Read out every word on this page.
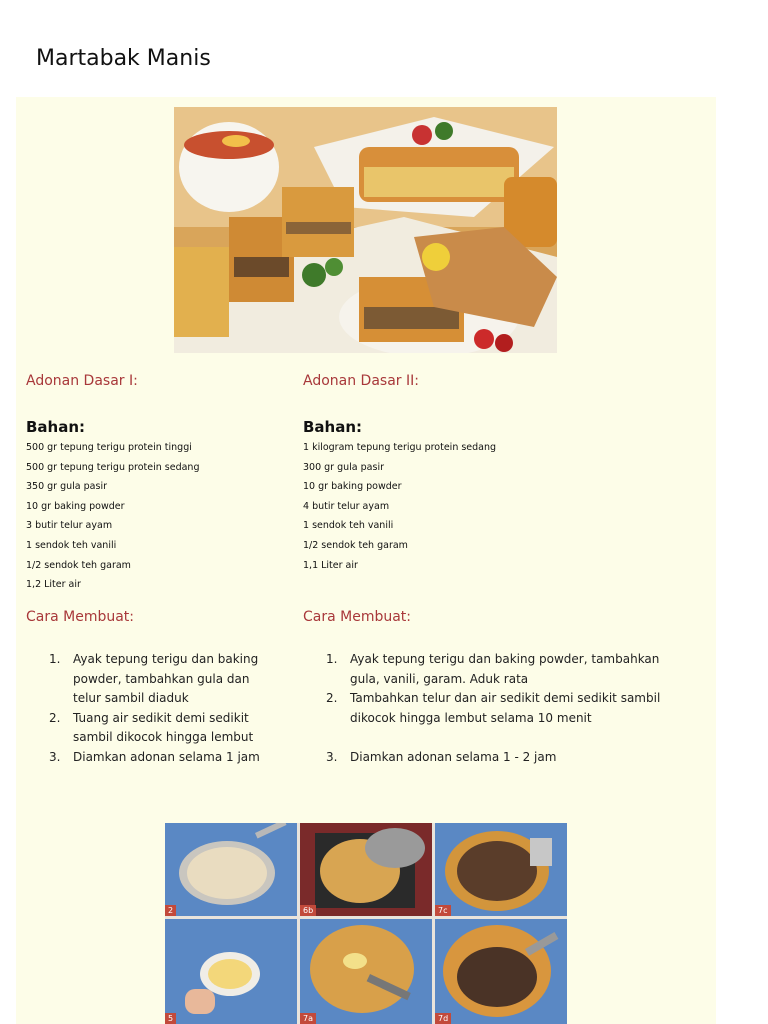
Martabak Manis
Adonan Dasar I:
Bahan:
500 gr tepung terigu protein tinggi
500 gr tepung terigu protein sedang
350 gr gula pasir
10 gr baking powder
3 butir telur ayam
1 sendok teh vanili
1/2 sendok teh garam
1,2 Liter air
Adonan Dasar II:
Bahan:
1 kilogram tepung terigu protein sedang
300 gr gula pasir
10 gr baking powder
4 butir telur ayam
1 sendok teh vanili
1/2 sendok teh garam
1,1 Liter air
Cara Membuat:	Cara Membuat:
1. Ayak tepung terigu dan baking powder, tambahkan gula dan telur sambil diaduk
2. Tuang air sedikit demi sedikit sambil dikocok hingga lembut
3. Diamkan adonan selama 1 jam
1. Ayak tepung terigu dan baking powder, tambahkan gula, vanili, garam. Aduk rata
2. Tambahkan telur dan air sedikit demi sedikit sambil dikocok hingga lembut selama 10 menit
3. Diamkan adonan selama 1 - 2 jam
2	6b	7c
5	7a	7d
